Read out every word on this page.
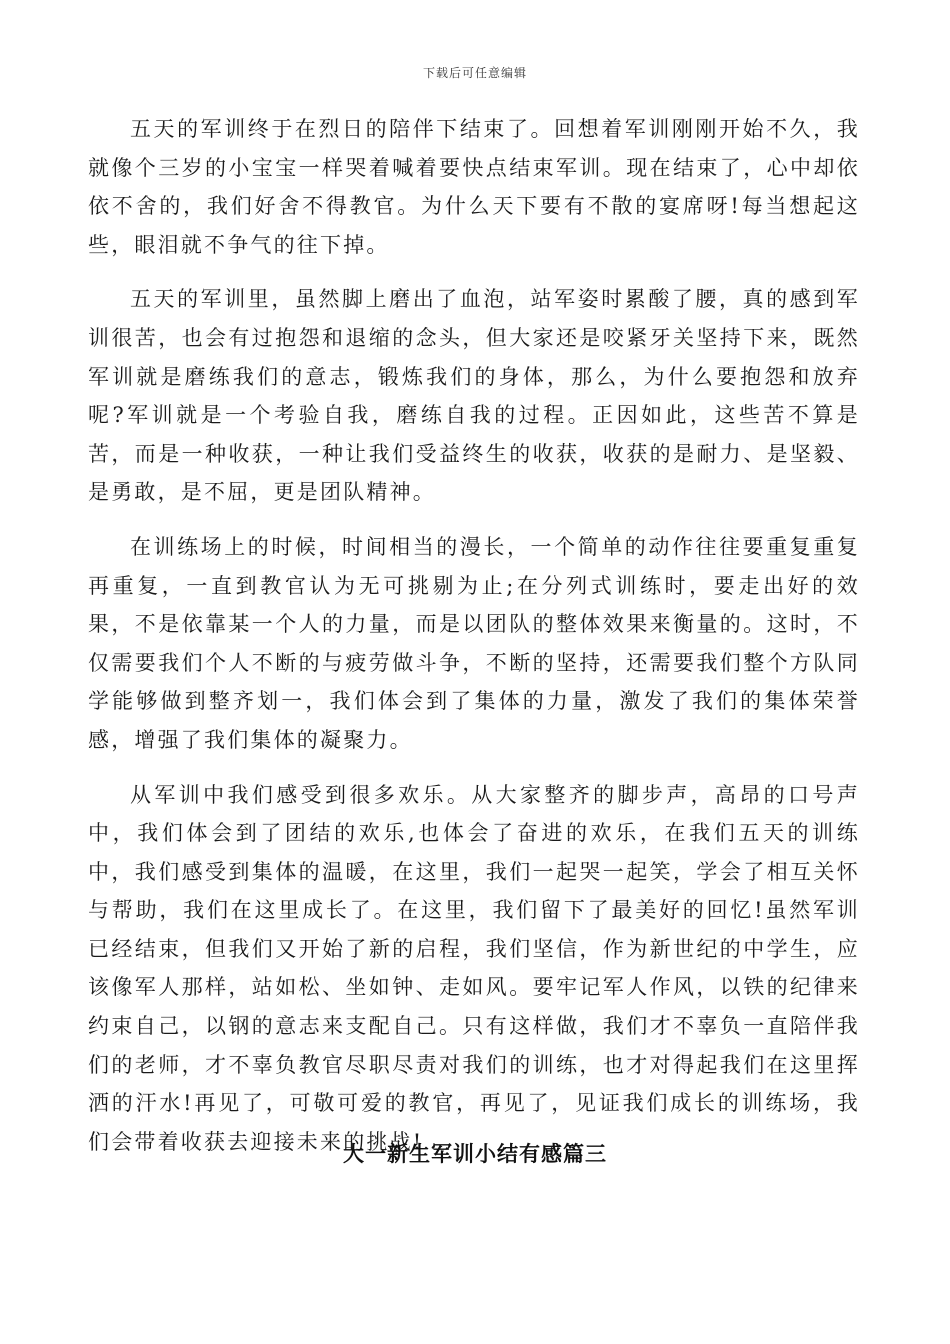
下载后可任意编辑

五天的军训终于在烈日的陪伴下结束了。回想着军训刚刚开始不久，我就像个三岁的小宝宝一样哭着喊着要快点结束军训。现在结束了，心中却依依不舍的，我们好舍不得教官。为什么天下要有不散的宴席呀!每当想起这些，眼泪就不争气的往下掉。

五天的军训里，虽然脚上磨出了血泡，站军姿时累酸了腰，真的感到军训很苦，也会有过抱怨和退缩的念头，但大家还是咬紧牙关坚持下来，既然军训就是磨练我们的意志，锻炼我们的身体，那么，为什么要抱怨和放弃呢?军训就是一个考验自我，磨练自我的过程。正因如此，这些苦不算是苦，而是一种收获，一种让我们受益终生的收获，收获的是耐力、是坚毅、是勇敢，是不屈，更是团队精神。

在训练场上的时候，时间相当的漫长，一个简单的动作往往要重复重复再重复，一直到教官认为无可挑剔为止;在分列式训练时，要走出好的效果，不是依靠某一个人的力量，而是以团队的整体效果来衡量的。这时，不仅需要我们个人不断的与疲劳做斗争，不断的坚持，还需要我们整个方队同学能够做到整齐划一，我们体会到了集体的力量，激发了我们的集体荣誉感，增强了我们集体的凝聚力。

从军训中我们感受到很多欢乐。从大家整齐的脚步声，高昂的口号声中，我们体会到了团结的欢乐,也体会了奋进的欢乐，在我们五天的训练中，我们感受到集体的温暖，在这里，我们一起哭一起笑，学会了相互关怀与帮助，我们在这里成长了。在这里，我们留下了最美好的回忆!虽然军训已经结束，但我们又开始了新的启程，我们坚信，作为新世纪的中学生，应该像军人那样，站如松、坐如钟、走如风。要牢记军人作风，以铁的纪律来约束自己，以钢的意志来支配自己。只有这样做，我们才不辜负一直陪伴我们的老师，才不辜负教官尽职尽责对我们的训练，也才对得起我们在这里挥洒的汗水!再见了，可敬可爱的教官，再见了，见证我们成长的训练场，我们会带着收获去迎接未来的挑战!

大一新生军训小结有感篇三
